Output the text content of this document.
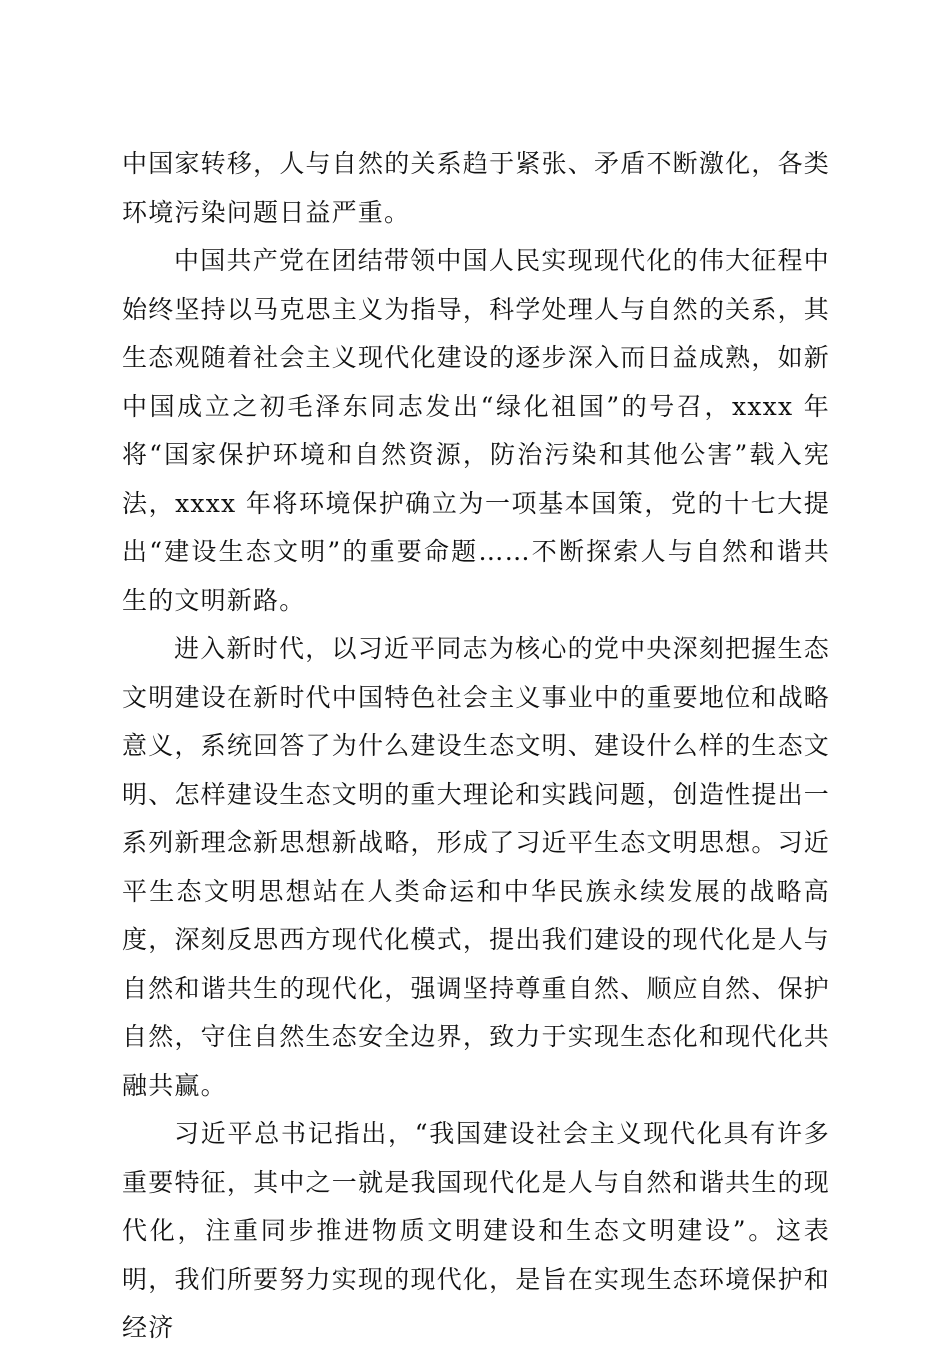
中国家转移，人与自然的关系趋于紧张、矛盾不断激化，各类环境污染问题日益严重。

中国共产党在团结带领中国人民实现现代化的伟大征程中始终坚持以马克思主义为指导，科学处理人与自然的关系，其生态观随着社会主义现代化建设的逐步深入而日益成熟，如新中国成立之初毛泽东同志发出“绿化祖国”的号召，xxxx 年将“国家保护环境和自然资源，防治污染和其他公害”载入宪法，xxxx 年将环境保护确立为一项基本国策，党的十七大提出“建设生态文明”的重要命题……不断探索人与自然和谐共生的文明新路。

进入新时代，以习近平同志为核心的党中央深刻把握生态文明建设在新时代中国特色社会主义事业中的重要地位和战略意义，系统回答了为什么建设生态文明、建设什么样的生态文明、怎样建设生态文明的重大理论和实践问题，创造性提出一系列新理念新思想新战略，形成了习近平生态文明思想。习近平生态文明思想站在人类命运和中华民族永续发展的战略高度，深刻反思西方现代化模式，提出我们建设的现代化是人与自然和谐共生的现代化，强调坚持尊重自然、顺应自然、保护自然，守住自然生态安全边界，致力于实现生态化和现代化共融共赢。

习近平总书记指出，“我国建设社会主义现代化具有许多重要特征，其中之一就是我国现代化是人与自然和谐共生的现代化，注重同步推进物质文明建设和生态文明建设”。这表明，我们所要努力实现的现代化，是旨在实现生态环境保护和经济
